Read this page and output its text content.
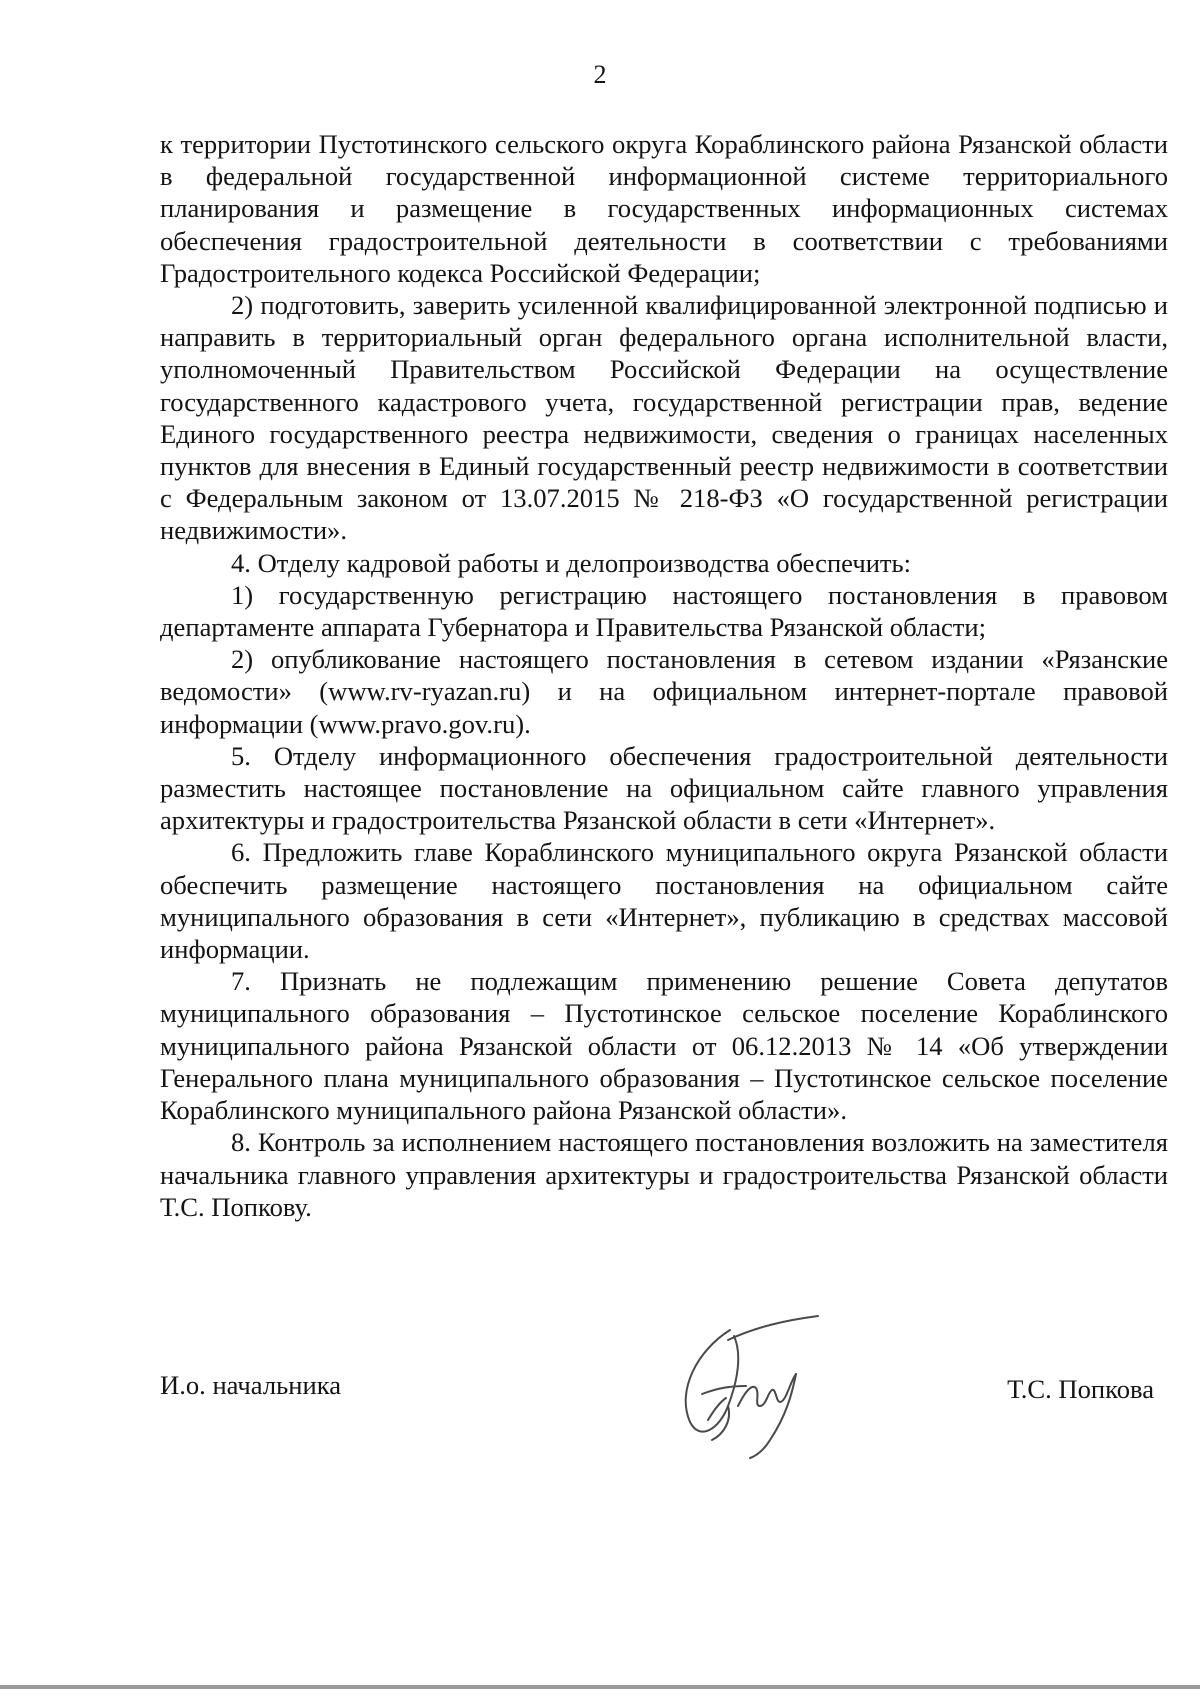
2

к территории Пустотинского сельского округа Кораблинского района Рязанской области в федеральной государственной информационной системе территориального планирования и размещение в государственных информационных системах обеспечения градостроительной деятельности в соответствии с требованиями Градостроительного кодекса Российской Федерации;

2) подготовить, заверить усиленной квалифицированной электронной подписью и направить в территориальный орган федерального органа исполнительной власти, уполномоченный Правительством Российской Федерации на осуществление государственного кадастрового учета, государственной регистрации прав, ведение Единого государственного реестра недвижимости, сведения о границах населенных пунктов для внесения в Единый государственный реестр недвижимости в соответствии с Федеральным законом от 13.07.2015 № 218-ФЗ «О государственной регистрации недвижимости».

4. Отделу кадровой работы и делопроизводства обеспечить:

1) государственную регистрацию настоящего постановления в правовом департаменте аппарата Губернатора и Правительства Рязанской области;

2) опубликование настоящего постановления в сетевом издании «Рязанские ведомости» (www.rv-ryazan.ru) и на официальном интернет-портале правовой информации (www.pravo.gov.ru).

5. Отделу информационного обеспечения градостроительной деятельности разместить настоящее постановление на официальном сайте главного управления архитектуры и градостроительства Рязанской области в сети «Интернет».

6. Предложить главе Кораблинского муниципального округа Рязанской области обеспечить размещение настоящего постановления на официальном сайте муниципального образования в сети «Интернет», публикацию в средствах массовой информации.

7. Признать не подлежащим применению решение Совета депутатов муниципального образования – Пустотинское сельское поселение Кораблинского муниципального района Рязанской области от 06.12.2013 № 14 «Об утверждении Генерального плана муниципального образования – Пустотинское сельское поселение Кораблинского муниципального района Рязанской области».

8. Контроль за исполнением настоящего постановления возложить на заместителя начальника главного управления архитектуры и градостроительства Рязанской области Т.С. Попкову.

И.о. начальника	Т.С. Попкова
